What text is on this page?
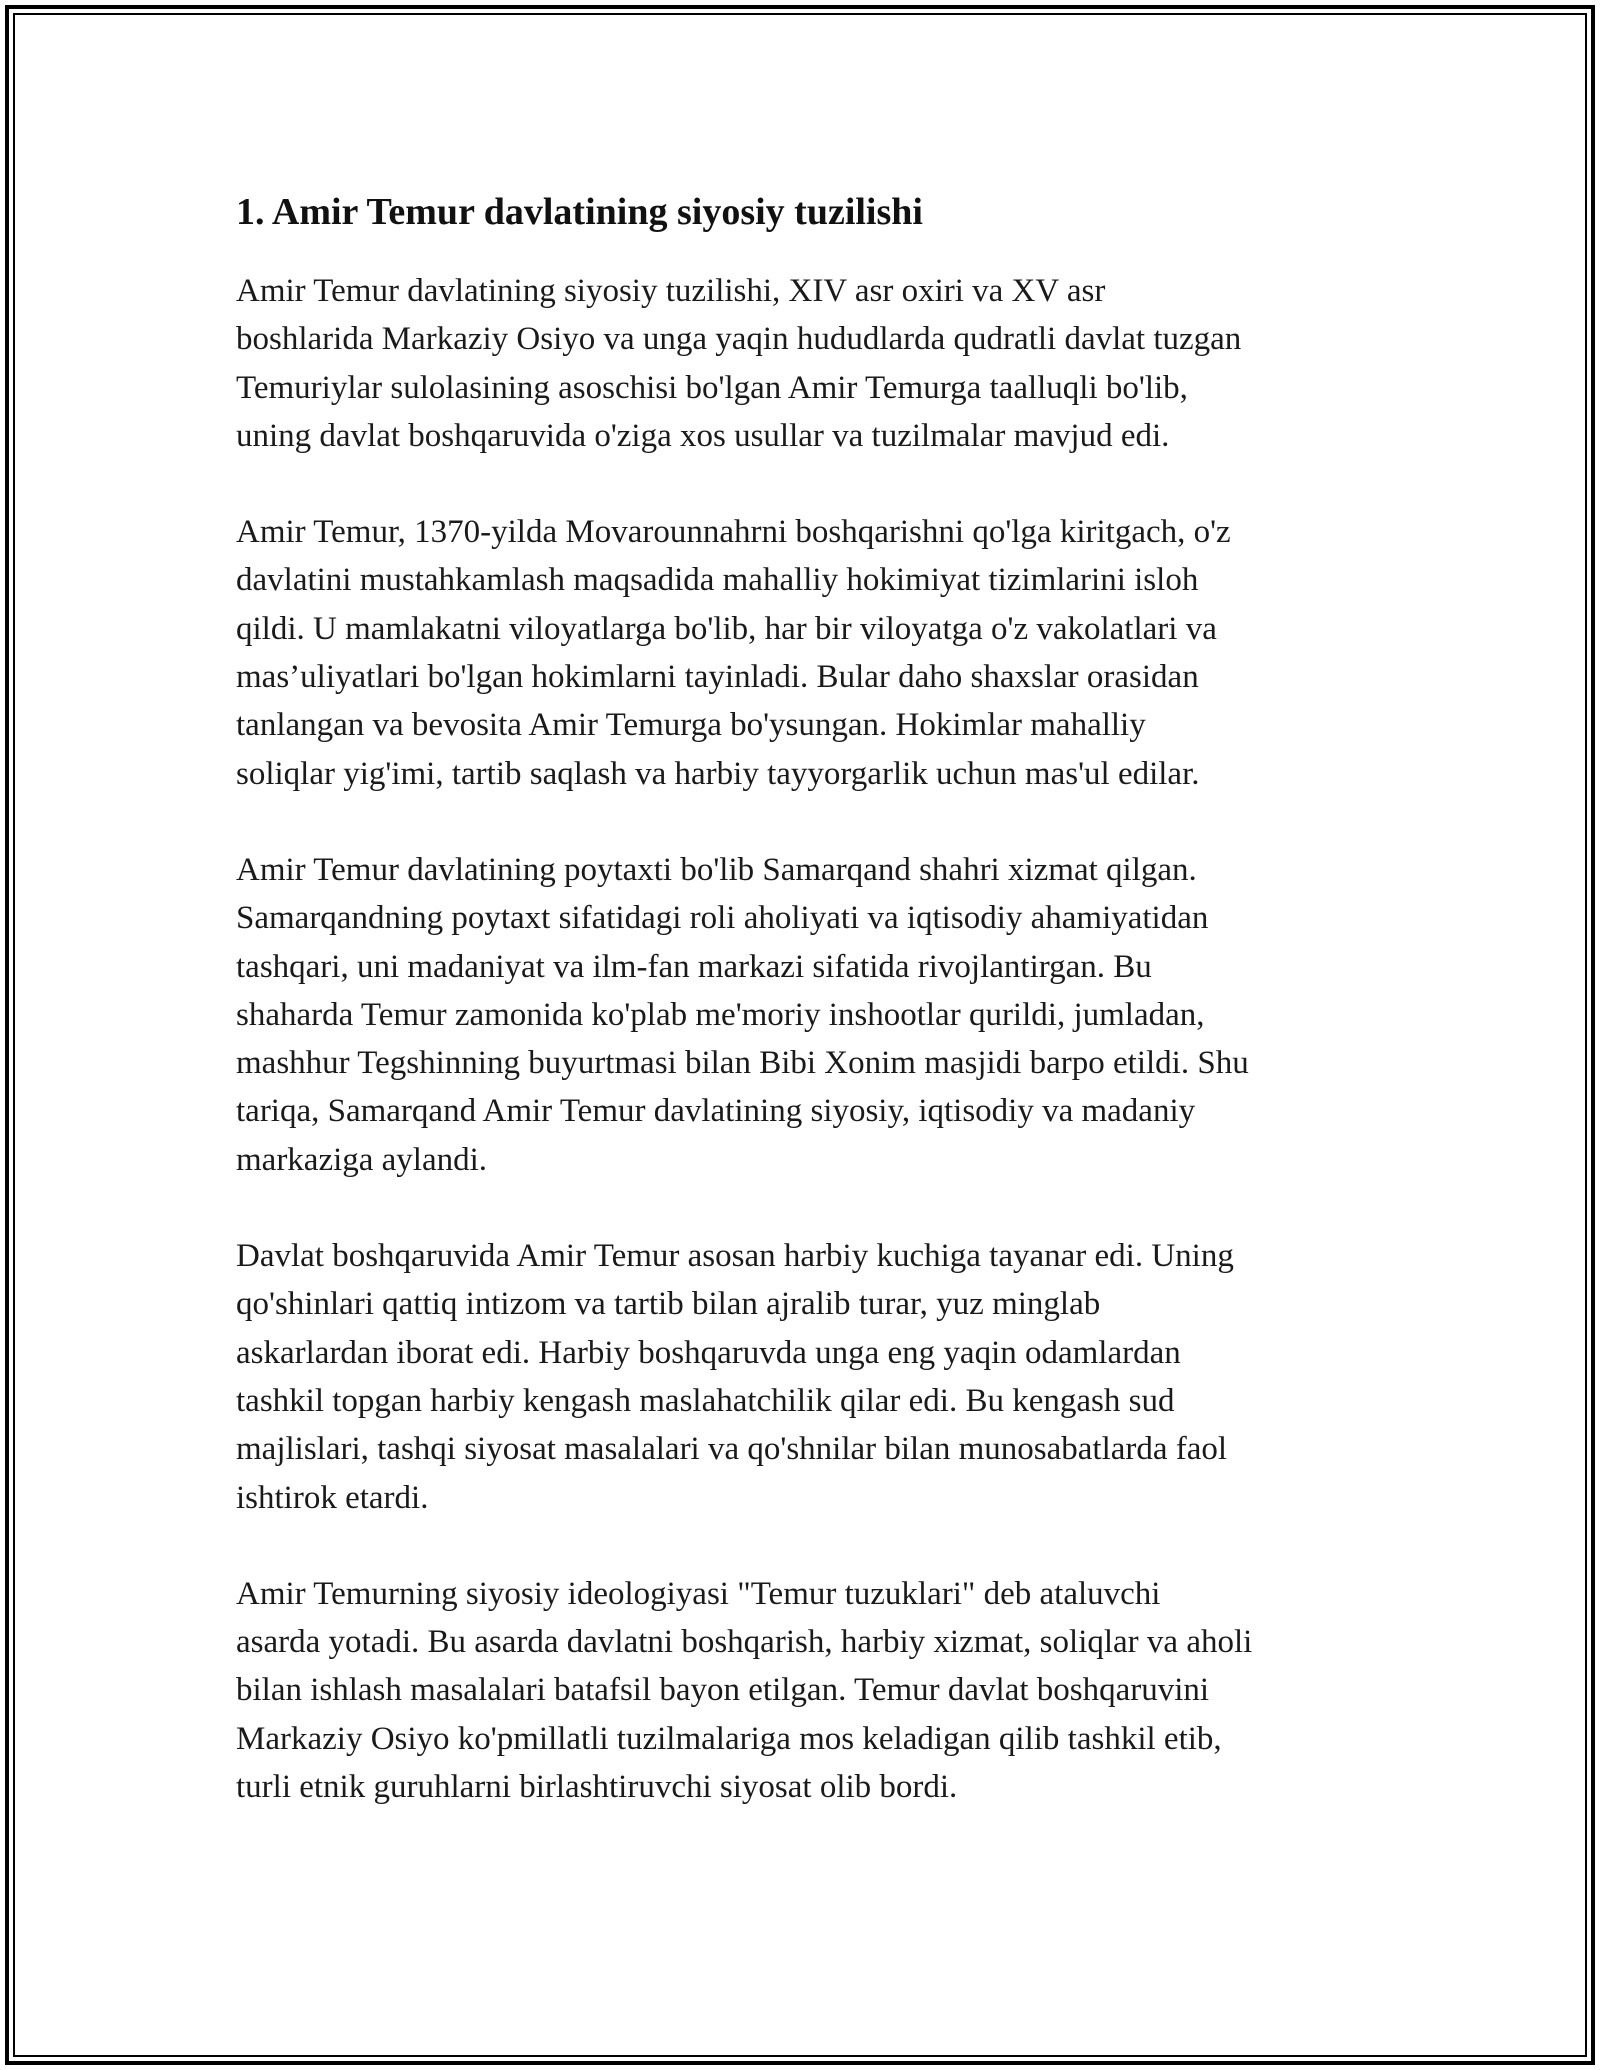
1. Amir Temur davlatining siyosiy tuzilishi

Amir Temur davlatining siyosiy tuzilishi, XIV asr oxiri va XV asr
boshlarida Markaziy Osiyo va unga yaqin hududlarda qudratli davlat tuzgan
Temuriylar sulolasining asoschisi bo'lgan Amir Temurga taalluqli bo'lib,
uning davlat boshqaruvida o'ziga xos usullar va tuzilmalar mavjud edi.

Amir Temur, 1370-yilda Movarounnahrni boshqarishni qo'lga kiritgach, o'z
davlatini mustahkamlash maqsadida mahalliy hokimiyat tizimlarini isloh
qildi. U mamlakatni viloyatlarga bo'lib, har bir viloyatga o'z vakolatlari va
mas’uliyatlari bo'lgan hokimlarni tayinladi. Bular daho shaxslar orasidan
tanlangan va bevosita Amir Temurga bo'ysungan. Hokimlar mahalliy
soliqlar yig'imi, tartib saqlash va harbiy tayyorgarlik uchun mas'ul edilar.

Amir Temur davlatining poytaxti bo'lib Samarqand shahri xizmat qilgan.
Samarqandning poytaxt sifatidagi roli aholiyati va iqtisodiy ahamiyatidan
tashqari, uni madaniyat va ilm-fan markazi sifatida rivojlantirgan. Bu
shaharda Temur zamonida ko'plab me'moriy inshootlar qurildi, jumladan,
mashhur Tegshinning buyurtmasi bilan Bibi Xonim masjidi barpo etildi. Shu
tariqa, Samarqand Amir Temur davlatining siyosiy, iqtisodiy va madaniy
markaziga aylandi.

Davlat boshqaruvida Amir Temur asosan harbiy kuchiga tayanar edi. Uning
qo'shinlari qattiq intizom va tartib bilan ajralib turar, yuz minglab
askarlardan iborat edi. Harbiy boshqaruvda unga eng yaqin odamlardan
tashkil topgan harbiy kengash maslahatchilik qilar edi. Bu kengash sud
majlislari, tashqi siyosat masalalari va qo'shnilar bilan munosabatlarda faol
ishtirok etardi.

Amir Temurning siyosiy ideologiyasi "Temur tuzuklari" deb ataluvchi
asarda yotadi. Bu asarda davlatni boshqarish, harbiy xizmat, soliqlar va aholi
bilan ishlash masalalari batafsil bayon etilgan. Temur davlat boshqaruvini
Markaziy Osiyo ko'pmillatli tuzilmalariga mos keladigan qilib tashkil etib,
turli etnik guruhlarni birlashtiruvchi siyosat olib bordi.
